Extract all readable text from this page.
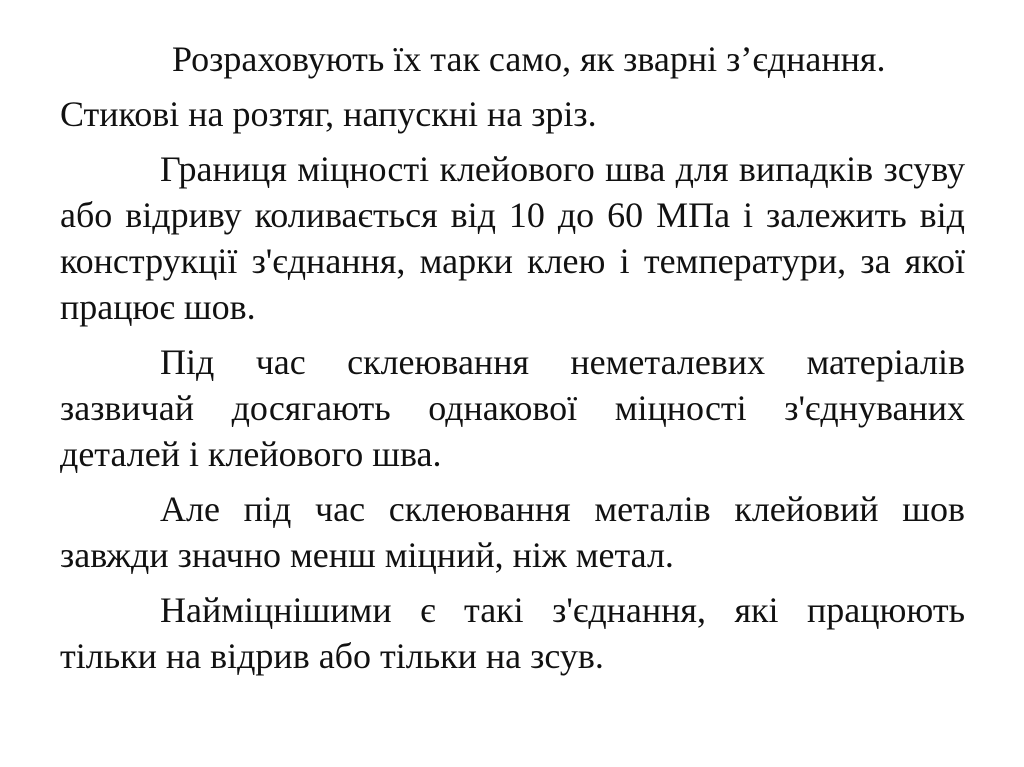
Розраховують їх так само, як зварні з’єднання.

Стикові на розтяг, напускні на зріз.

Границя міцності клейового шва для випадків зсуву або відриву коливається від 10 до 60 МПа і залежить від конструкції з'єднання, марки клею і температури, за якої працює шов.

Під час склеювання неметалевих матеріалів зазвичай досягають однакової міцності з'єднуваних деталей і клейового шва.

Але під час склеювання металів клейовий шов завжди значно менш міцний, ніж метал.

Найміцнішими є такі з'єднання, які працюють тільки на відрив або тільки на зсув.
